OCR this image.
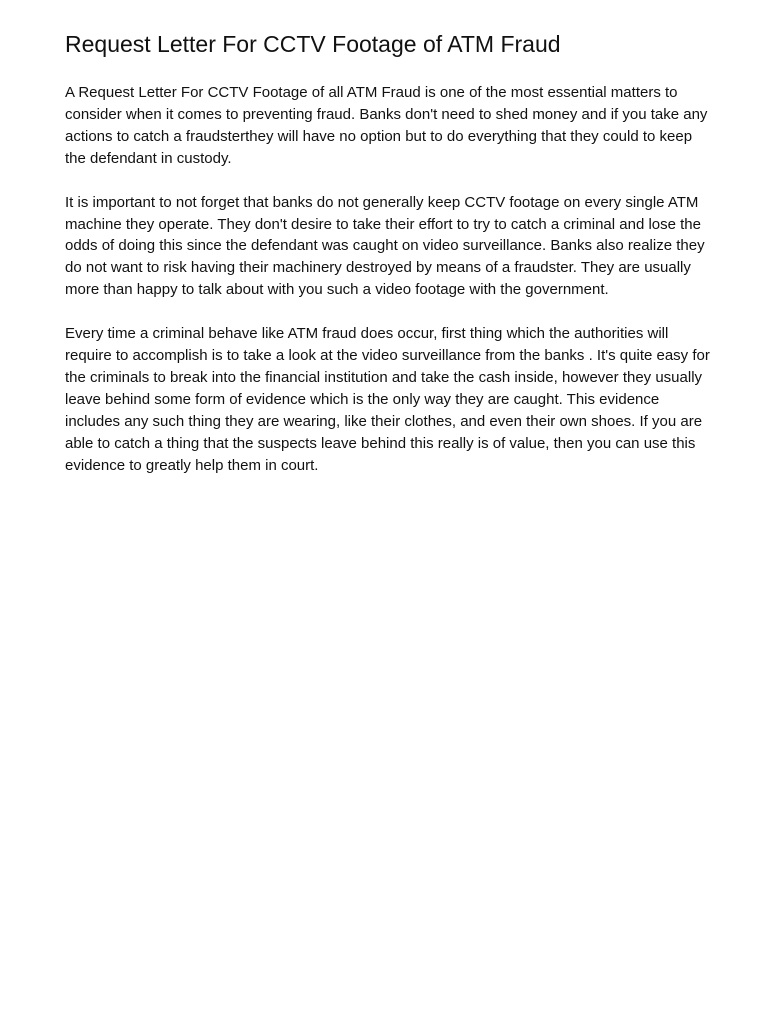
Request Letter For CCTV Footage of ATM Fraud

A Request Letter For CCTV Footage of all ATM Fraud is one of the most essential matters to consider when it comes to preventing fraud. Banks don't need to shed money and if you take any actions to catch a fraudsterthey will have no option but to do everything that they could to keep the defendant in custody.

It is important to not forget that banks do not generally keep CCTV footage on every single ATM machine they operate. They don't desire to take their effort to try to catch a criminal and lose the odds of doing this since the defendant was caught on video surveillance. Banks also realize they do not want to risk having their machinery destroyed by means of a fraudster. They are usually more than happy to talk about with you such a video footage with the government.

Every time a criminal behave like ATM fraud does occur, first thing which the authorities will require to accomplish is to take a look at the video surveillance from the banks . It's quite easy for the criminals to break into the financial institution and take the cash inside, however they usually leave behind some form of evidence which is the only way they are caught. This evidence includes any such thing they are wearing, like their clothes, and even their own shoes. If you are able to catch a thing that the suspects leave behind this really is of value, then you can use this evidence to greatly help them in court.
